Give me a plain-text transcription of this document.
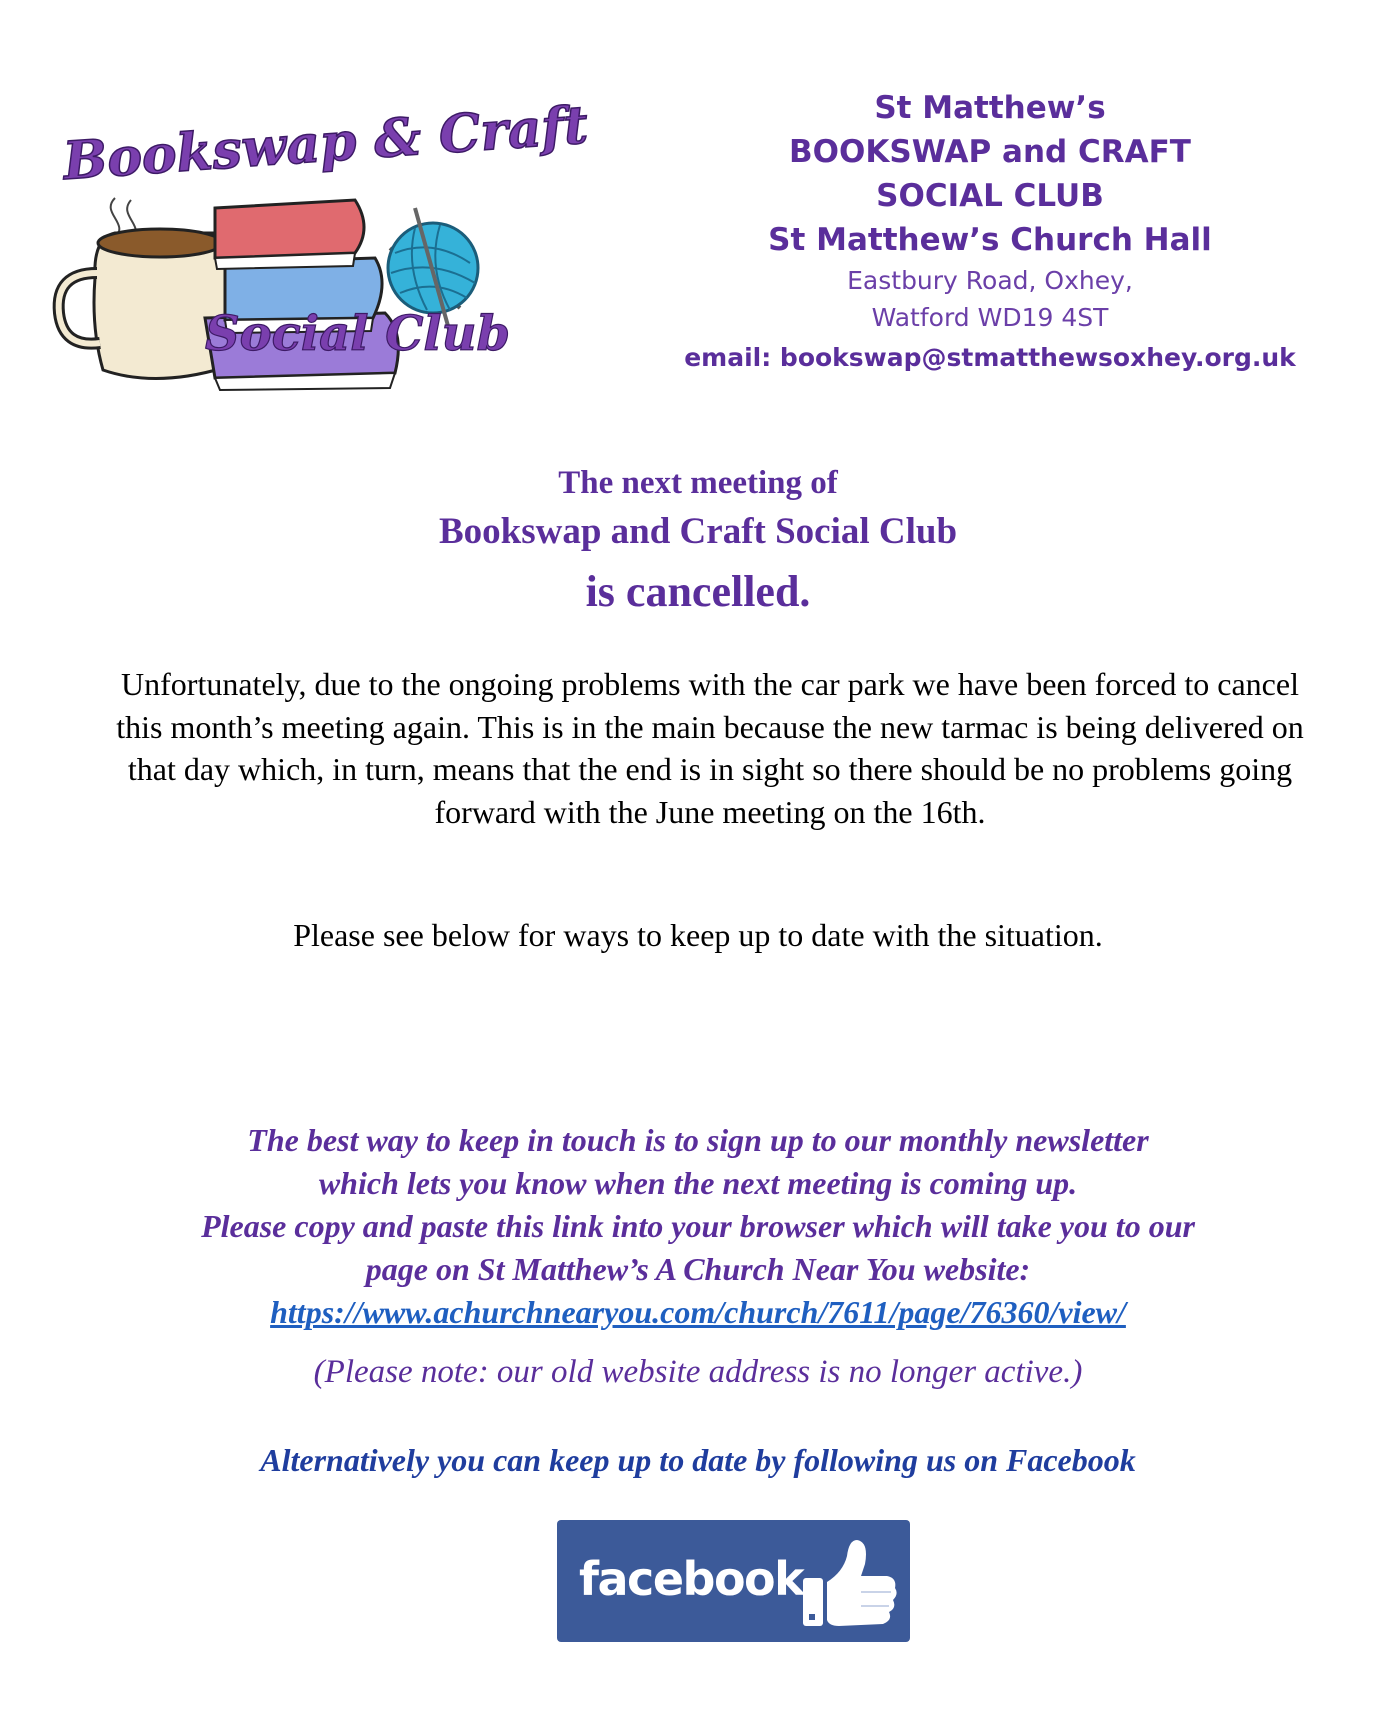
Bookswap & Craft
Social Club
St Matthew’s
BOOKSWAP and CRAFT
SOCIAL CLUB
St Matthew’s Church Hall
Eastbury Road, Oxhey,
Watford WD19 4ST
email: bookswap@stmatthewsoxhey.org.uk
The next meeting of
Bookswap and Craft Social Club
is cancelled.
Unfortunately, due to the ongoing problems with the car park we have been forced to cancel this month’s meeting again. This is in the main because the new tarmac is being delivered on that day which, in turn, means that the end is in sight so there should be no problems going forward with the June meeting on the 16th.
Please see below for ways to keep up to date with the situation.
The best way to keep in touch is to sign up to our monthly newsletter
which lets you know when the next meeting is coming up.
Please copy and paste this link into your browser which will take you to our
page on St Matthew’s A Church Near You website:
https://www.achurchnearyou.com/church/7611/page/76360/view/
(Please note: our old website address is no longer active.)
Alternatively you can keep up to date by following us on Facebook
facebook
